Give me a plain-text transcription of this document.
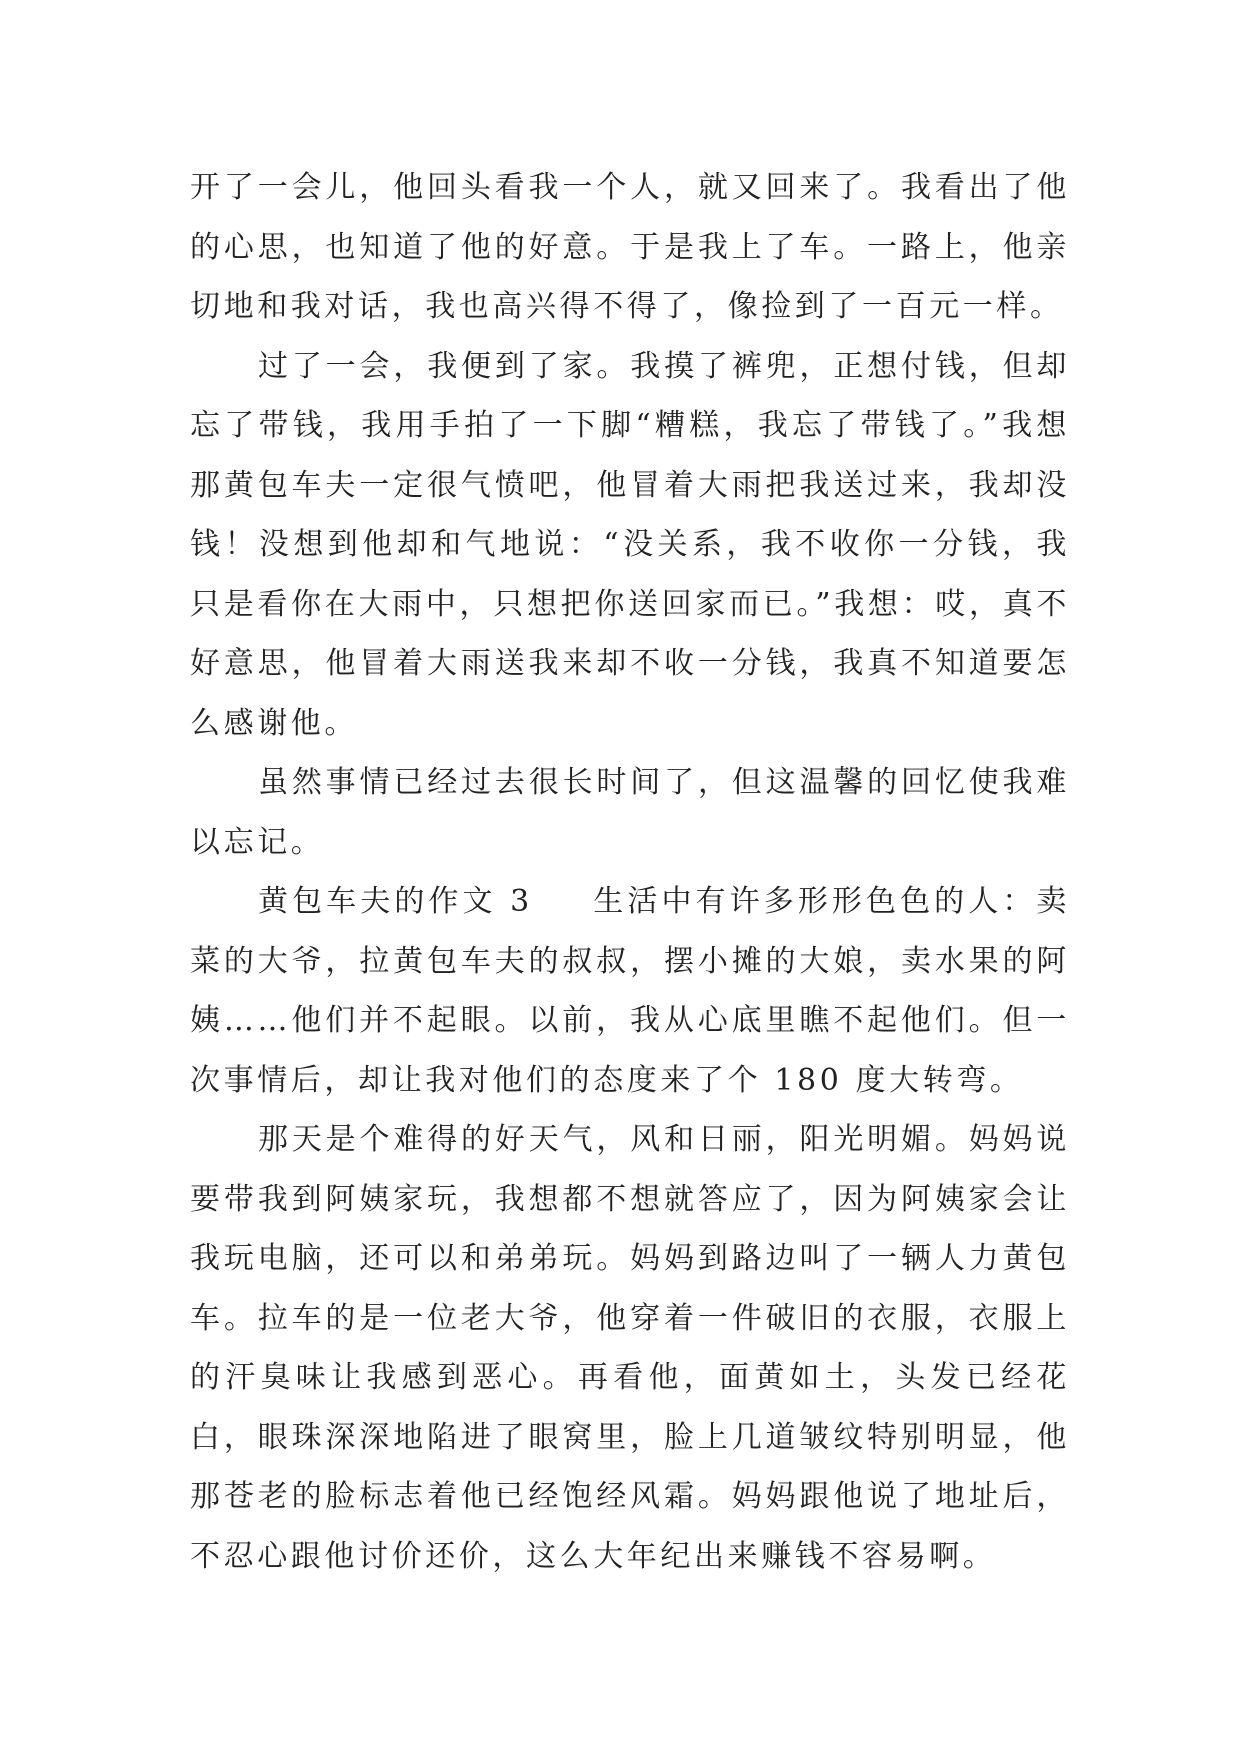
开了一会儿，他回头看我一个人，就又回来了。我看出了他的心思，也知道了他的好意。于是我上了车。一路上，他亲切地和我对话，我也高兴得不得了，像捡到了一百元一样。

过了一会，我便到了家。我摸了裤兜，正想付钱，但却忘了带钱，我用手拍了一下脚“糟糕，我忘了带钱了。”我想那黄包车夫一定很气愤吧，他冒着大雨把我送过来，我却没钱！没想到他却和气地说：“没关系，我不收你一分钱，我只是看你在大雨中，只想把你送回家而已。”我想：哎，真不好意思，他冒着大雨送我来却不收一分钱，我真不知道要怎么感谢他。

虽然事情已经过去很长时间了，但这温馨的回忆使我难以忘记。

黄包车夫的作文 3 生活中有许多形形色色的人：卖菜的大爷，拉黄包车夫的叔叔，摆小摊的大娘，卖水果的阿姨……他们并不起眼。以前，我从心底里瞧不起他们。但一次事情后，却让我对他们的态度来了个 180 度大转弯。

那天是个难得的好天气，风和日丽，阳光明媚。妈妈说要带我到阿姨家玩，我想都不想就答应了，因为阿姨家会让我玩电脑，还可以和弟弟玩。妈妈到路边叫了一辆人力黄包车。拉车的是一位老大爷，他穿着一件破旧的衣服，衣服上的汗臭味让我感到恶心。再看他，面黄如土，头发已经花白，眼珠深深地陷进了眼窝里，脸上几道皱纹特别明显，他那苍老的脸标志着他已经饱经风霜。妈妈跟他说了地址后，不忍心跟他讨价还价，这么大年纪出来赚钱不容易啊。
